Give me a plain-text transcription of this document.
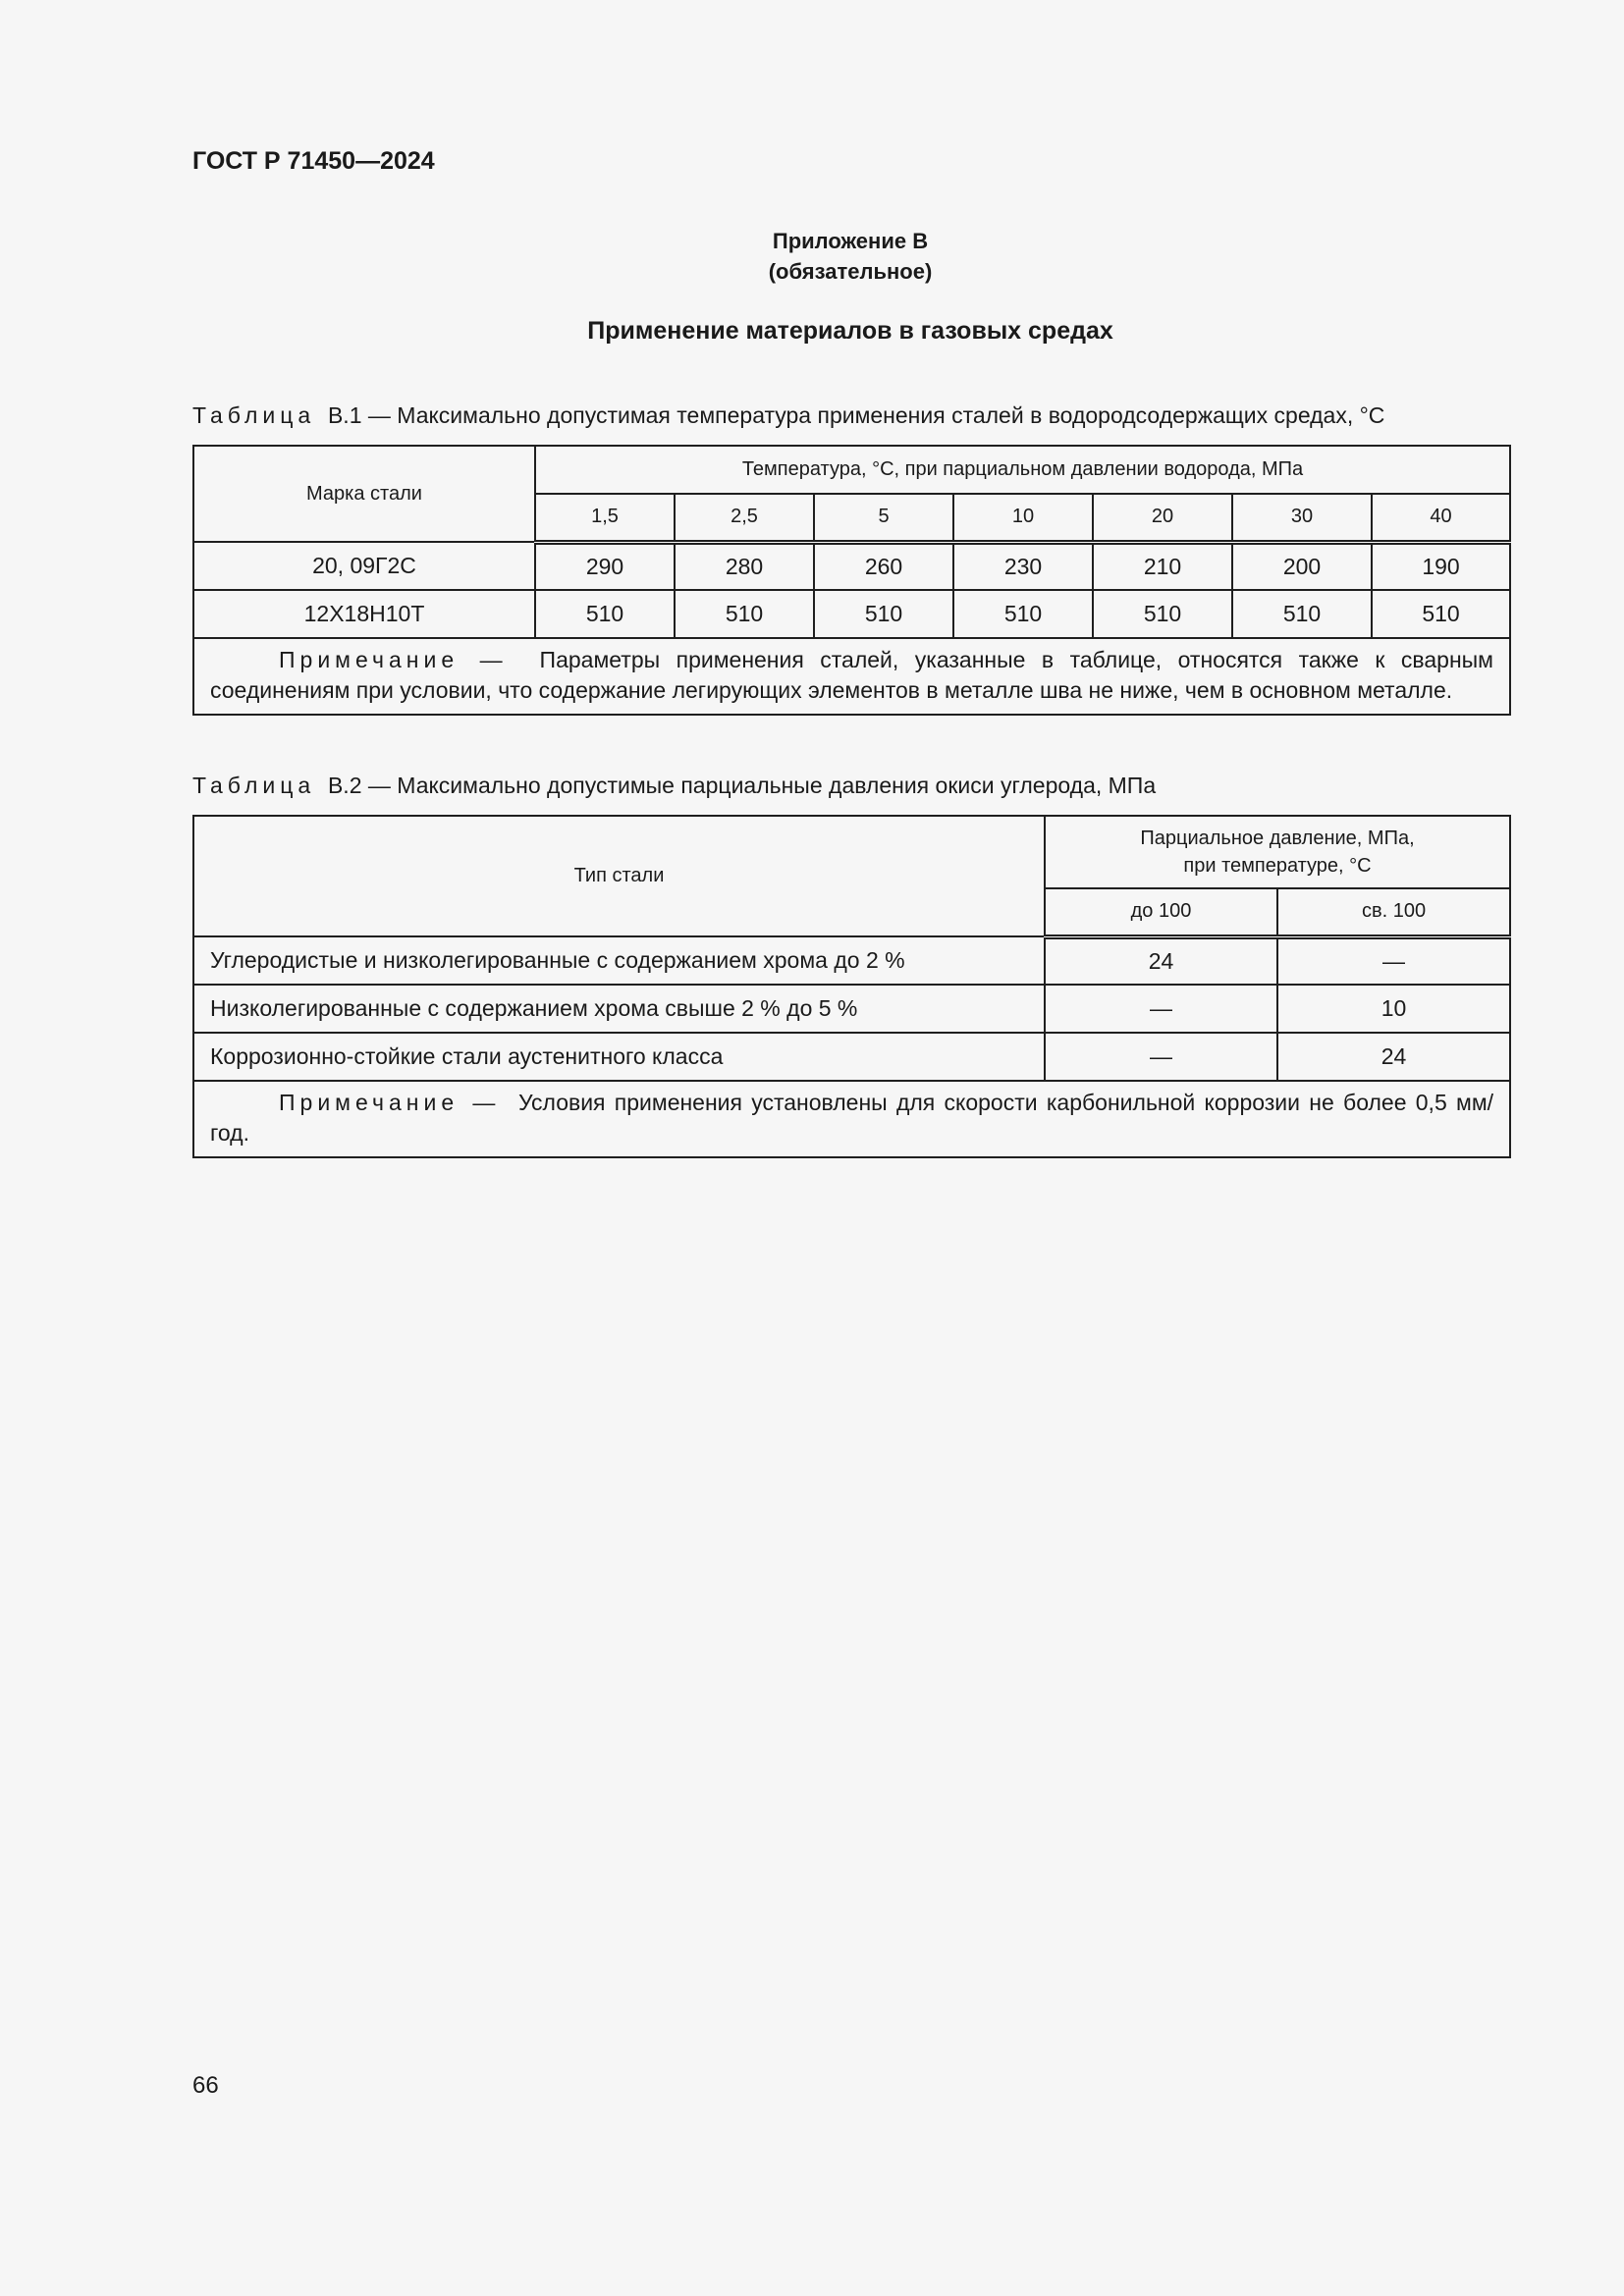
ГОСТ Р 71450—2024
Приложение В
(обязательное)
Применение материалов в газовых средах
Таблица В.1 — Максимально допустимая температура применения сталей в водородсодержащих средах, °С
Марка стали	Температура, °С, при парциальном давлении водорода, МПа						
	1,5	2,5	5	10	20	30	40
20, 09Г2С	290	280	260	230	210	200	190
12Х18Н10Т	510	510	510	510	510	510	510
Примечание — Параметры применения сталей, указанные в таблице, относятся также к сварным соединениям при условии, что содержание легирующих элементов в металле шва не ниже, чем в основном металле.							
Таблица В.2 — Максимально допустимые парциальные давления окиси углерода, МПа
Тип стали	Парциальное давление, МПа,
при температуре, °С	

	до 100	св. 100
Углеродистые и низколегированные с содержанием хрома до 2 %	24	—
Низколегированные с содержанием хрома свыше 2 % до 5 %	—	10
Коррозионно-стойкие стали аустенитного класса	—	24
Примечание — Условия применения установлены для скорости карбонильной коррозии не более 0,5 мм/год.		
66
